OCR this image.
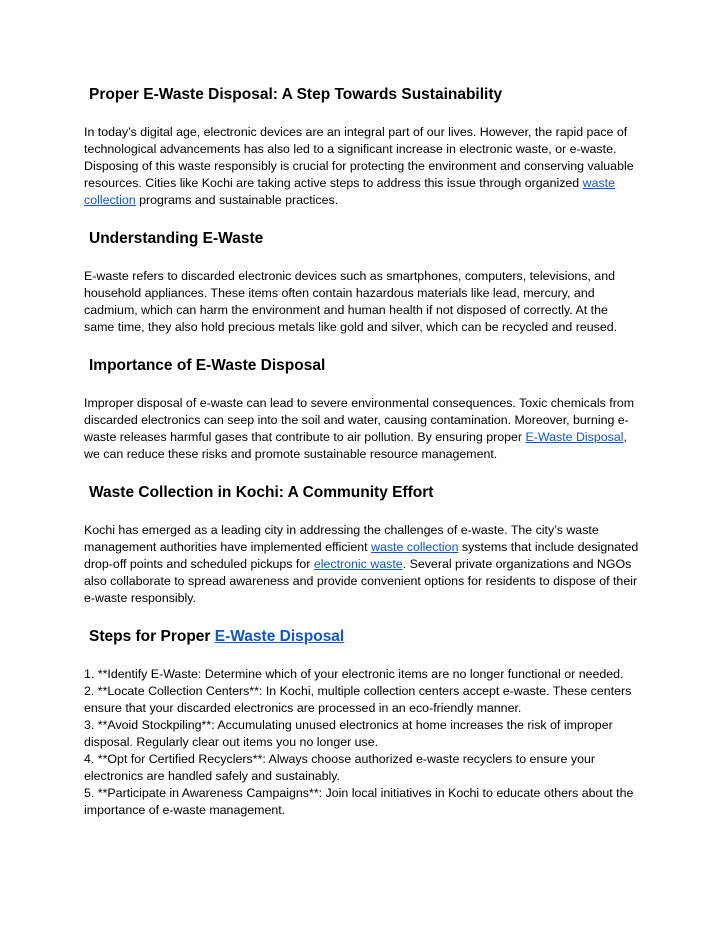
Proper E-Waste Disposal: A Step Towards Sustainability

In today’s digital age, electronic devices are an integral part of our lives. However, the rapid pace of technological advancements has also led to a significant increase in electronic waste, or e-waste. Disposing of this waste responsibly is crucial for protecting the environment and conserving valuable resources. Cities like Kochi are taking active steps to address this issue through organized waste collection programs and sustainable practices.

Understanding E-Waste

E-waste refers to discarded electronic devices such as smartphones, computers, televisions, and household appliances. These items often contain hazardous materials like lead, mercury, and cadmium, which can harm the environment and human health if not disposed of correctly. At the same time, they also hold precious metals like gold and silver, which can be recycled and reused.

Importance of E-Waste Disposal

Improper disposal of e-waste can lead to severe environmental consequences. Toxic chemicals from discarded electronics can seep into the soil and water, causing contamination. Moreover, burning e-waste releases harmful gases that contribute to air pollution. By ensuring proper E-Waste Disposal, we can reduce these risks and promote sustainable resource management.

Waste Collection in Kochi: A Community Effort

Kochi has emerged as a leading city in addressing the challenges of e-waste. The city’s waste management authorities have implemented efficient waste collection systems that include designated drop-off points and scheduled pickups for electronic waste. Several private organizations and NGOs also collaborate to spread awareness and provide convenient options for residents to dispose of their e-waste responsibly.

Steps for Proper E-Waste Disposal

1. **Identify E-Waste: Determine which of your electronic items are no longer functional or needed.

2. **Locate Collection Centers**: In Kochi, multiple collection centers accept e-waste. These centers ensure that your discarded electronics are processed in an eco-friendly manner.

3. **Avoid Stockpiling**: Accumulating unused electronics at home increases the risk of improper disposal. Regularly clear out items you no longer use.

4. **Opt for Certified Recyclers**: Always choose authorized e-waste recyclers to ensure your electronics are handled safely and sustainably.

5. **Participate in Awareness Campaigns**: Join local initiatives in Kochi to educate others about the importance of e-waste management.
